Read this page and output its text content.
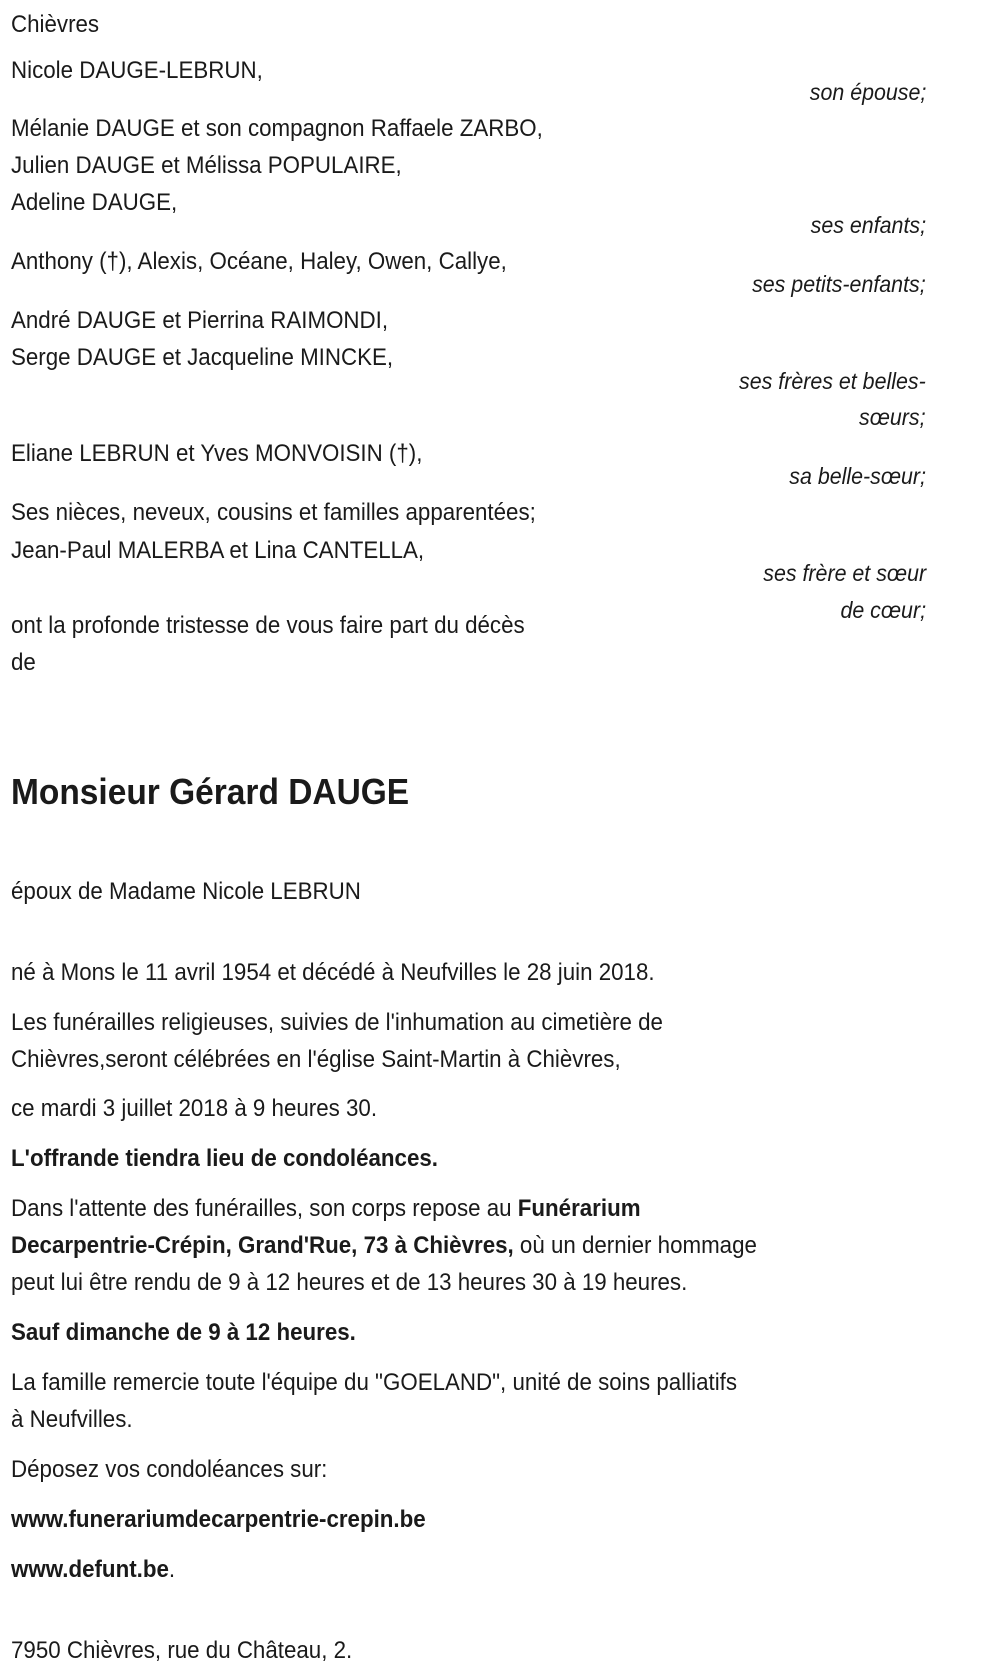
Chièvres
Nicole DAUGE-LEBRUN,
son épouse;
Mélanie DAUGE et son compagnon Raffaele ZARBO,
Julien DAUGE et Mélissa POPULAIRE,
Adeline DAUGE,
ses enfants;
Anthony (†), Alexis, Océane, Haley, Owen, Callye,
ses petits-enfants;
André DAUGE et Pierrina RAIMONDI,
Serge DAUGE et Jacqueline MINCKE,
ses frères et belles-
sœurs;
Eliane LEBRUN et Yves MONVOISIN (†),
sa belle-sœur;
Ses nièces, neveux, cousins et familles apparentées;
Jean-Paul MALERBA et Lina CANTELLA,
ses frère et sœur
de cœur;
ont la profonde tristesse de vous faire part du décès
de
Monsieur Gérard DAUGE
époux de Madame Nicole LEBRUN
né à Mons le 11 avril 1954 et décédé à Neufvilles le 28 juin 2018.
Les funérailles religieuses, suivies de l'inhumation au cimetière de
Chièvres,seront célébrées en l'église Saint-Martin à Chièvres,
ce mardi 3 juillet 2018 à 9 heures 30.
L'offrande tiendra lieu de condoléances.
Dans l'attente des funérailles, son corps repose au Funérarium
Decarpentrie-Crépin, Grand'Rue, 73 à Chièvres, où un dernier hommage
peut lui être rendu de 9 à 12 heures et de 13 heures 30 à 19 heures.
Sauf dimanche de 9 à 12 heures.
La famille remercie toute l'équipe du "GOELAND", unité de soins palliatifs
à Neufvilles.
Déposez vos condoléances sur:
www.funerariumdecarpentrie-crepin.be
www.defunt.be.
7950 Chièvres, rue du Château, 2.
